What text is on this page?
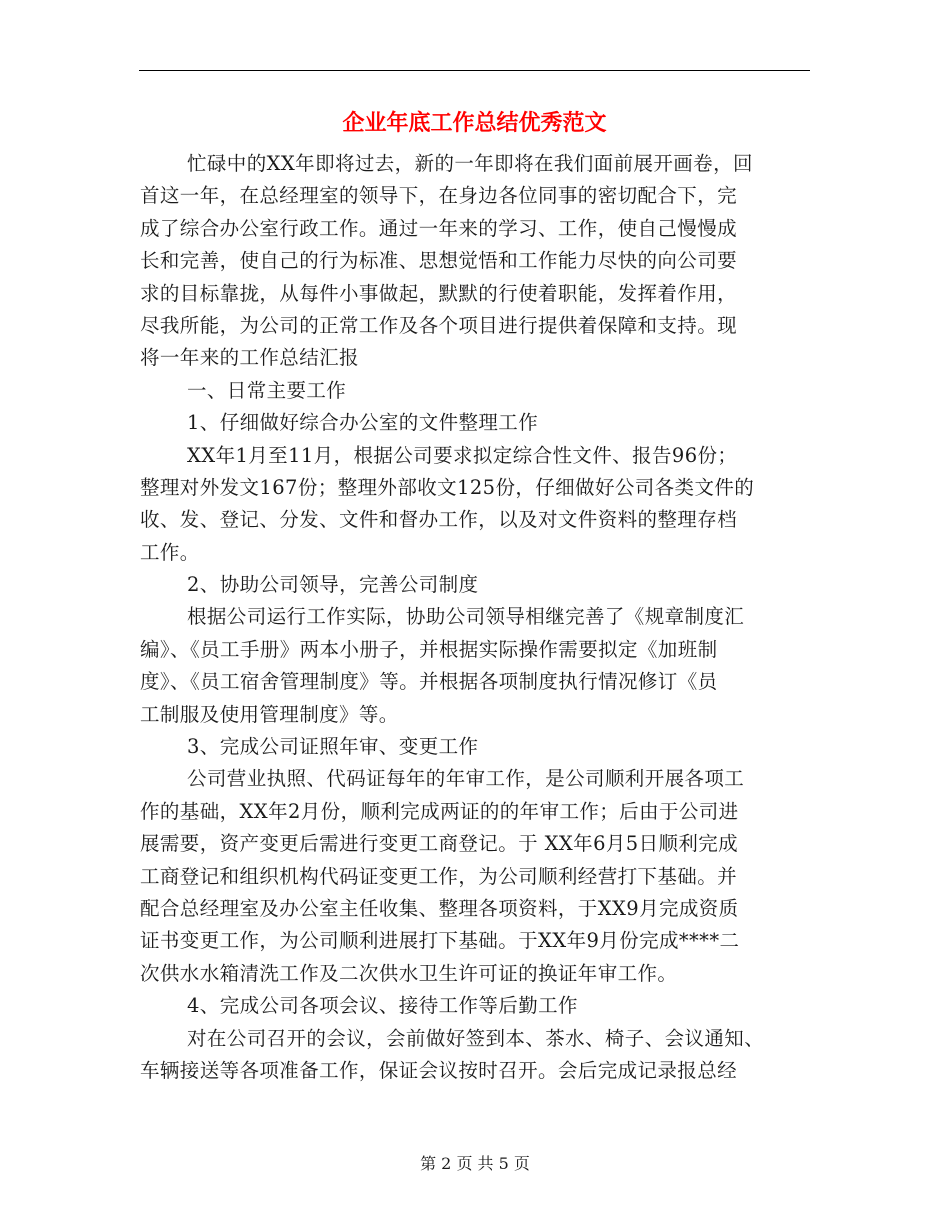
企业年底工作总结优秀范文
忙碌中的XX年即将过去，新的一年即将在我们面前展开画卷，回
首这一年，在总经理室的领导下，在身边各位同事的密切配合下，完
成了综合办公室行政工作。通过一年来的学习、工作，使自己慢慢成
长和完善，使自己的行为标准、思想觉悟和工作能力尽快的向公司要
求的目标靠拢，从每件小事做起，默默的行使着职能，发挥着作用，
尽我所能，为公司的正常工作及各个项目进行提供着保障和支持。现
将一年来的工作总结汇报
一、日常主要工作
1、仔细做好综合办公室的文件整理工作
XX年1月至11月，根据公司要求拟定综合性文件、报告96份；
整理对外发文167份；整理外部收文125份，仔细做好公司各类文件的
收、发、登记、分发、文件和督办工作，以及对文件资料的整理存档
工作。
2、协助公司领导，完善公司制度
根据公司运行工作实际，协助公司领导相继完善了《规章制度汇
编》、《员工手册》两本小册子，并根据实际操作需要拟定《加班制
度》、《员工宿舍管理制度》等。并根据各项制度执行情况修订《员
工制服及使用管理制度》等。
3、完成公司证照年审、变更工作
公司营业执照、代码证每年的年审工作，是公司顺利开展各项工
作的基础，XX年2月份，顺利完成两证的的年审工作；后由于公司进
展需要，资产变更后需进行变更工商登记。于 XX年6月5日顺利完成
工商登记和组织机构代码证变更工作，为公司顺利经营打下基础。并
配合总经理室及办公室主任收集、整理各项资料，于XX9月完成资质
证书变更工作，为公司顺利进展打下基础。于XX年9月份完成****二
次供水水箱清洗工作及二次供水卫生许可证的换证年审工作。
4、完成公司各项会议、接待工作等后勤工作
对在公司召开的会议，会前做好签到本、茶水、椅子、会议通知、
车辆接送等各项准备工作，保证会议按时召开。会后完成记录报总经
第 2 页 共 5 页
